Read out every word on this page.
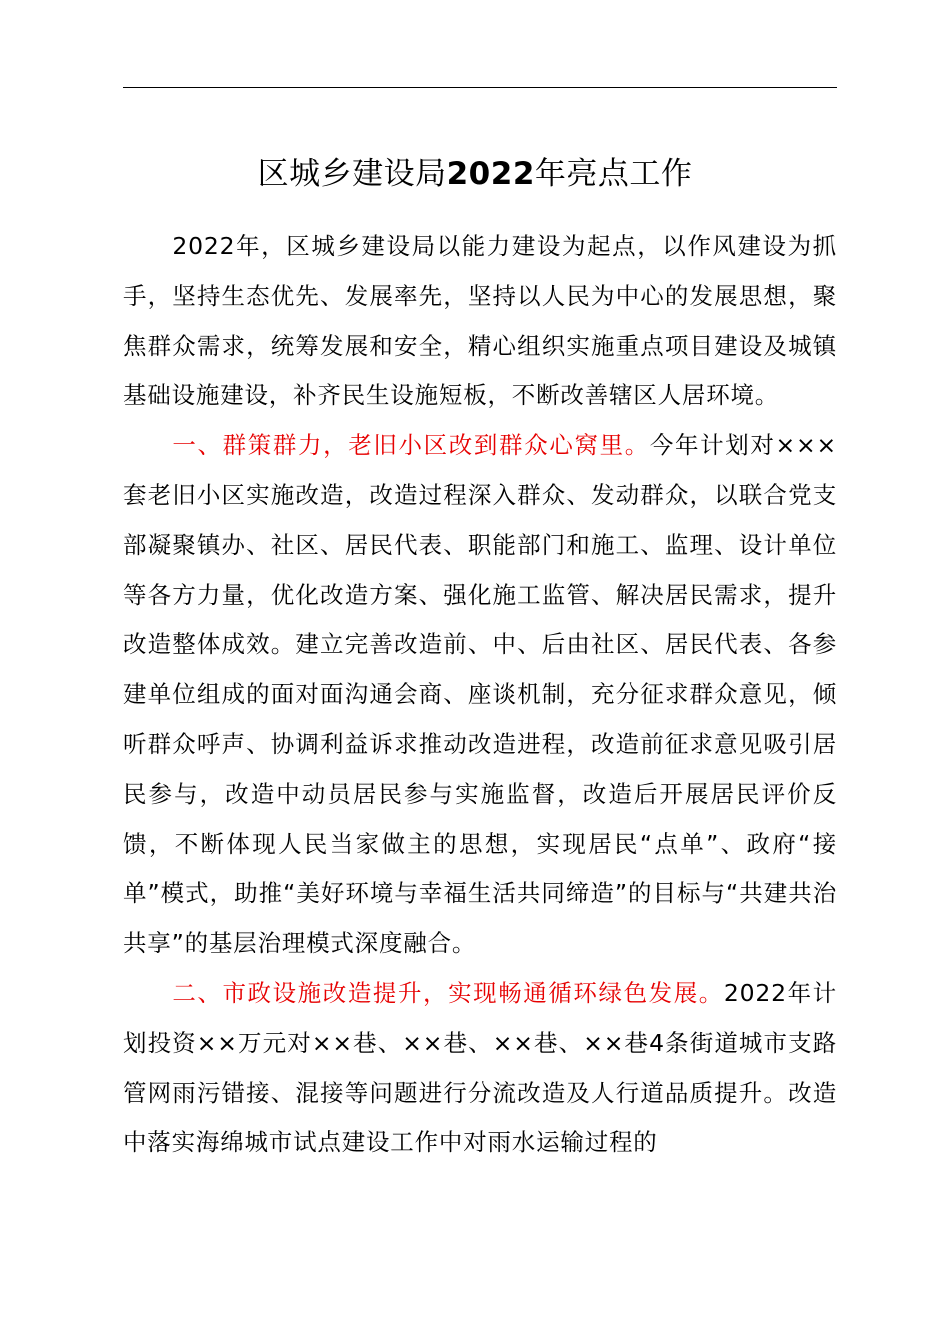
区城乡建设局2022年亮点工作

2022年，区城乡建设局以能力建设为起点，以作风建设为抓手，坚持生态优先、发展率先，坚持以人民为中心的发展思想，聚焦群众需求，统筹发展和安全，精心组织实施重点项目建设及城镇基础设施建设，补齐民生设施短板，不断改善辖区人居环境。

一、群策群力，老旧小区改到群众心窝里。今年计划对×××套老旧小区实施改造，改造过程深入群众、发动群众，以联合党支部凝聚镇办、社区、居民代表、职能部门和施工、监理、设计单位等各方力量，优化改造方案、强化施工监管、解决居民需求，提升改造整体成效。建立完善改造前、中、后由社区、居民代表、各参建单位组成的面对面沟通会商、座谈机制，充分征求群众意见，倾听群众呼声、协调利益诉求推动改造进程，改造前征求意见吸引居民参与，改造中动员居民参与实施监督，改造后开展居民评价反馈，不断体现人民当家做主的思想，实现居民“点单”、政府“接单”模式，助推“美好环境与幸福生活共同缔造”的目标与“共建共治共享”的基层治理模式深度融合。

二、市政设施改造提升，实现畅通循环绿色发展。2022年计划投资××万元对××巷、××巷、××巷、××巷4条街道城市支路管网雨污错接、混接等问题进行分流改造及人行道品质提升。改造中落实海绵城市试点建设工作中对雨水运输过程的
